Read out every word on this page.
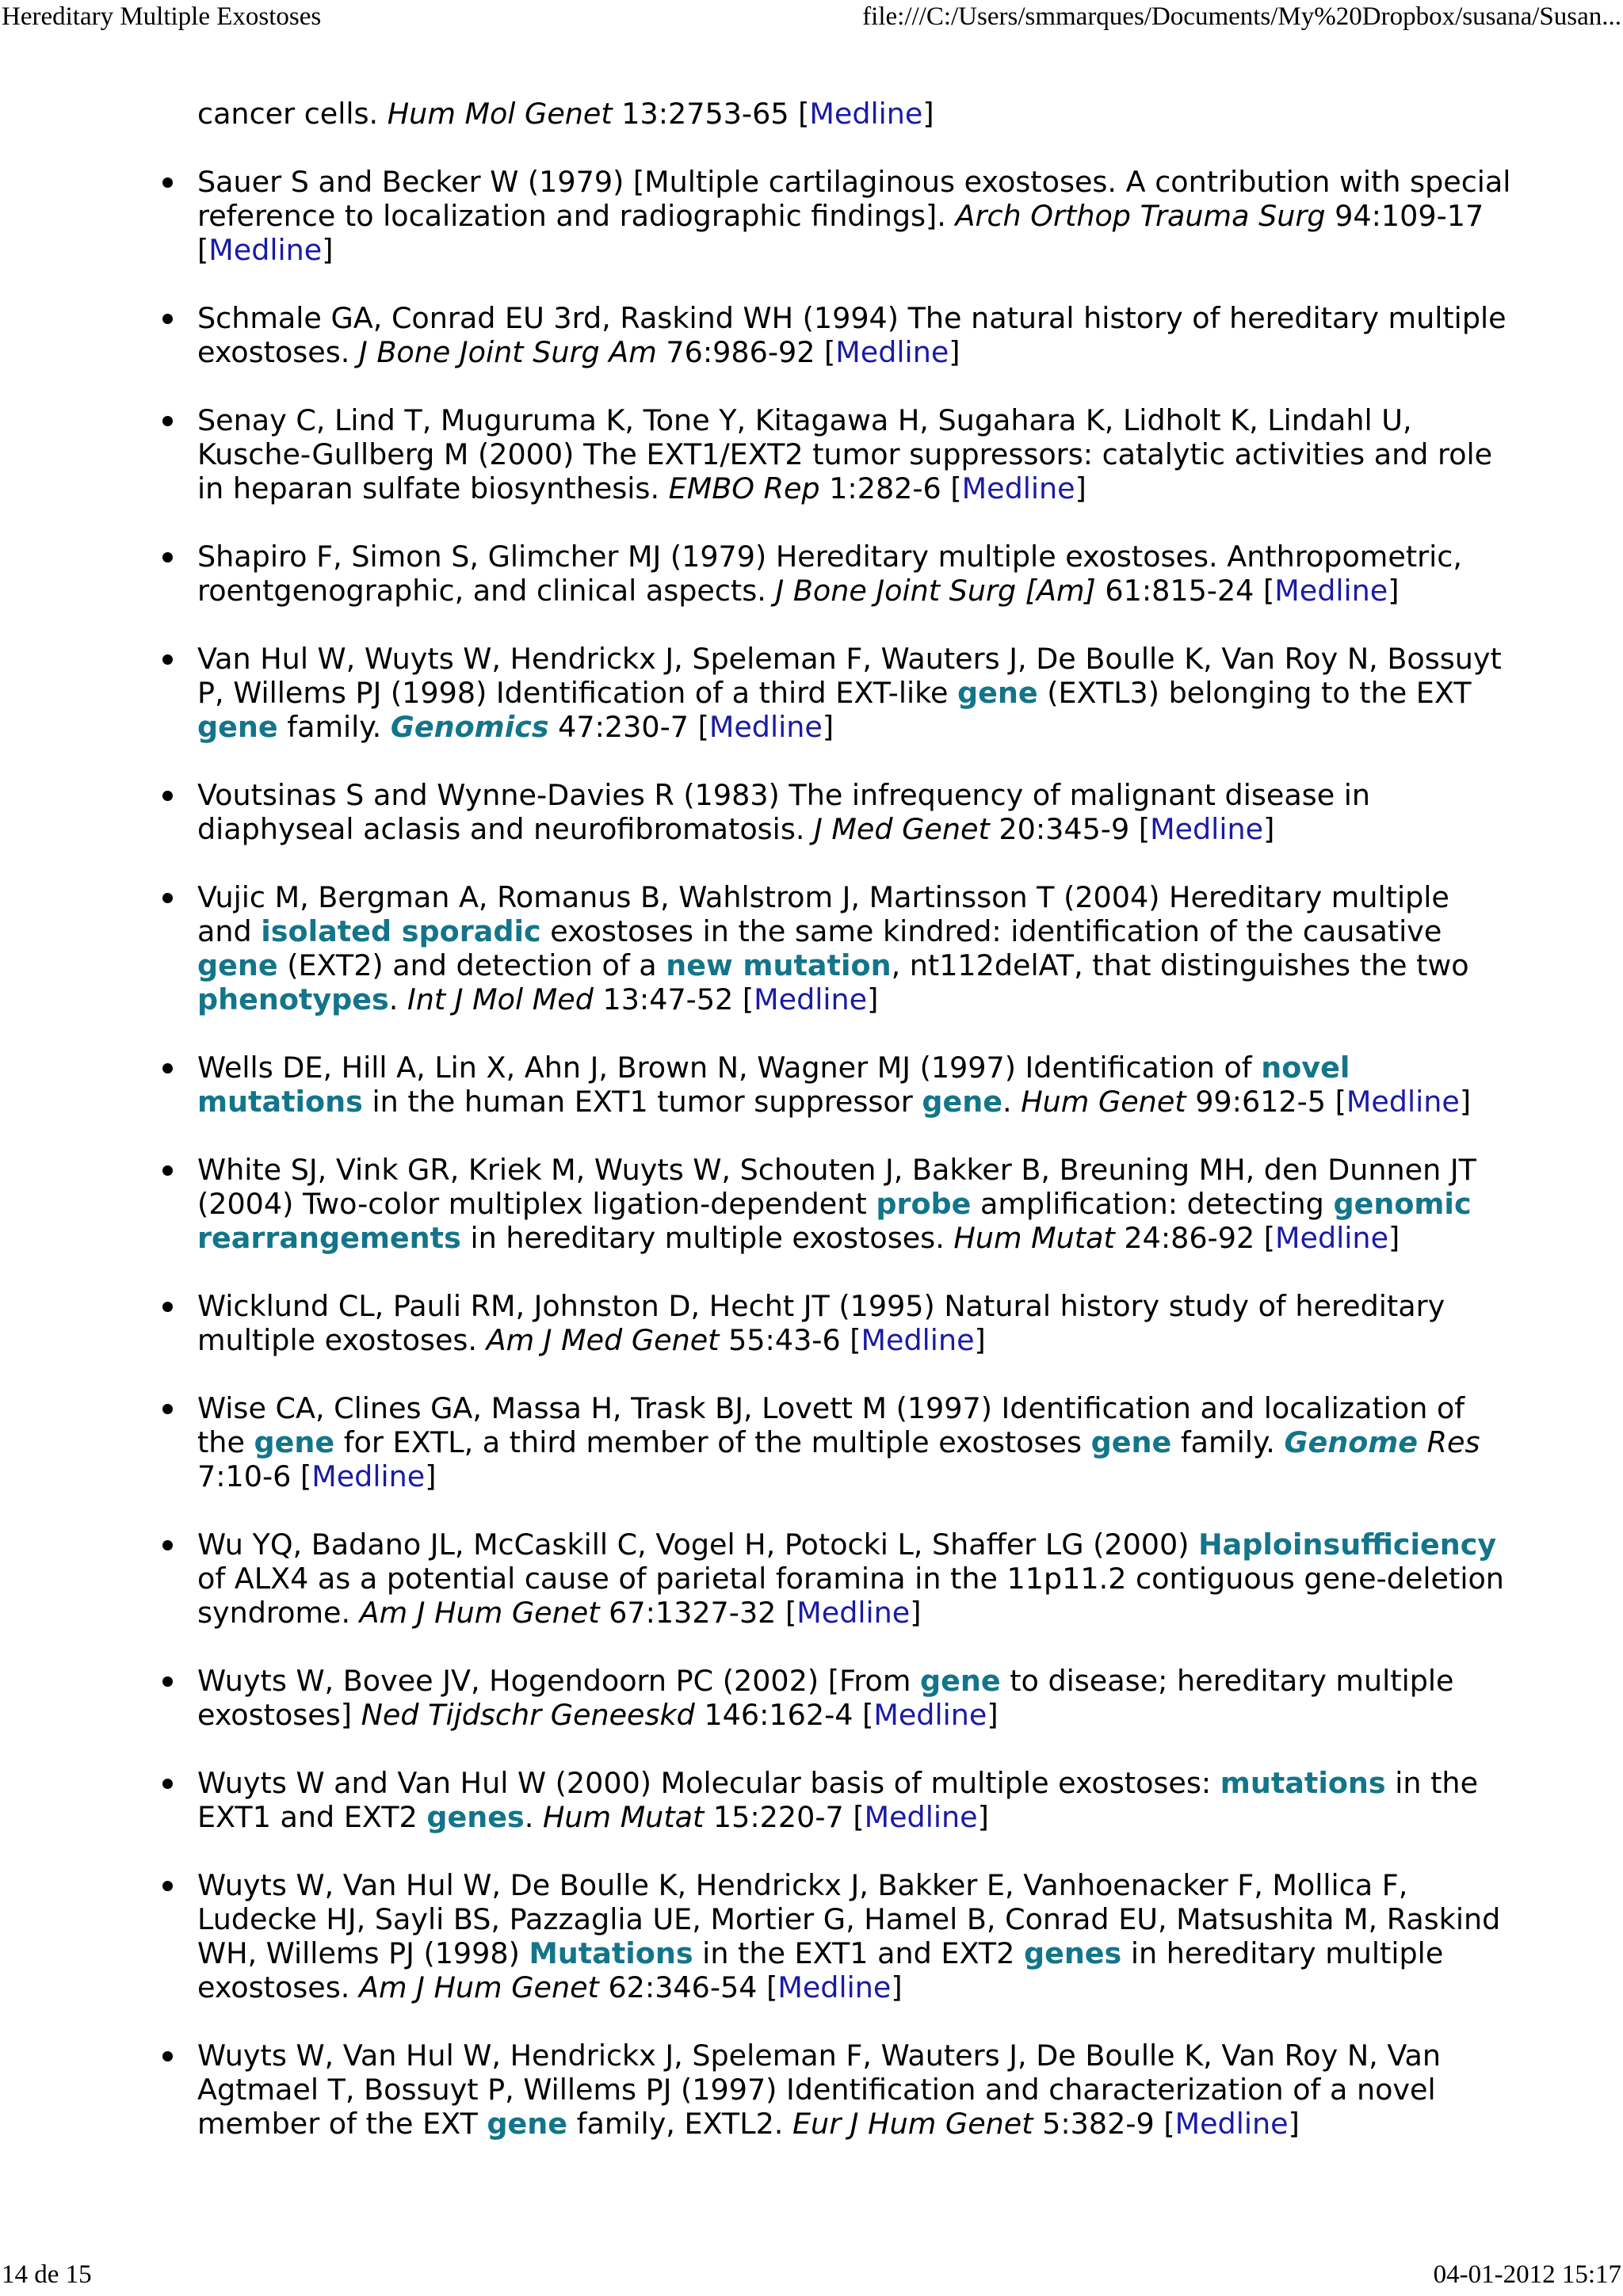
Hereditary Multiple Exostoses	file:///C:/Users/smmarques/Documents/My%20Dropbox/susana/Susan...

cancer cells. Hum Mol Genet 13:2753-65 [Medline]

Sauer S and Becker W (1979) [Multiple cartilaginous exostoses. A contribution with special reference to localization and radiographic findings]. Arch Orthop Trauma Surg 94:109-17 [Medline]
Schmale GA, Conrad EU 3rd, Raskind WH (1994) The natural history of hereditary multiple exostoses. J Bone Joint Surg Am 76:986-92 [Medline]
Senay C, Lind T, Muguruma K, Tone Y, Kitagawa H, Sugahara K, Lidholt K, Lindahl U, Kusche-Gullberg M (2000) The EXT1/EXT2 tumor suppressors: catalytic activities and role in heparan sulfate biosynthesis. EMBO Rep 1:282-6 [Medline]
Shapiro F, Simon S, Glimcher MJ (1979) Hereditary multiple exostoses. Anthropometric, roentgenographic, and clinical aspects. J Bone Joint Surg [Am] 61:815-24 [Medline]
Van Hul W, Wuyts W, Hendrickx J, Speleman F, Wauters J, De Boulle K, Van Roy N, Bossuyt P, Willems PJ (1998) Identification of a third EXT-like gene (EXTL3) belonging to the EXT gene family. Genomics 47:230-7 [Medline]
Voutsinas S and Wynne-Davies R (1983) The infrequency of malignant disease in diaphyseal aclasis and neurofibromatosis. J Med Genet 20:345-9 [Medline]
Vujic M, Bergman A, Romanus B, Wahlstrom J, Martinsson T (2004) Hereditary multiple and isolated sporadic exostoses in the same kindred: identification of the causative gene (EXT2) and detection of a new mutation, nt112delAT, that distinguishes the two phenotypes. Int J Mol Med 13:47-52 [Medline]
Wells DE, Hill A, Lin X, Ahn J, Brown N, Wagner MJ (1997) Identification of novel mutations in the human EXT1 tumor suppressor gene. Hum Genet 99:612-5 [Medline]
White SJ, Vink GR, Kriek M, Wuyts W, Schouten J, Bakker B, Breuning MH, den Dunnen JT (2004) Two-color multiplex ligation-dependent probe amplification: detecting genomic rearrangements in hereditary multiple exostoses. Hum Mutat 24:86-92 [Medline]
Wicklund CL, Pauli RM, Johnston D, Hecht JT (1995) Natural history study of hereditary multiple exostoses. Am J Med Genet 55:43-6 [Medline]
Wise CA, Clines GA, Massa H, Trask BJ, Lovett M (1997) Identification and localization of the gene for EXTL, a third member of the multiple exostoses gene family. Genome Res 7:10-6 [Medline]
Wu YQ, Badano JL, McCaskill C, Vogel H, Potocki L, Shaffer LG (2000) Haploinsufficiency of ALX4 as a potential cause of parietal foramina in the 11p11.2 contiguous gene-deletion syndrome. Am J Hum Genet 67:1327-32 [Medline]
Wuyts W, Bovee JV, Hogendoorn PC (2002) [From gene to disease; hereditary multiple exostoses] Ned Tijdschr Geneeskd 146:162-4 [Medline]
Wuyts W and Van Hul W (2000) Molecular basis of multiple exostoses: mutations in the EXT1 and EXT2 genes. Hum Mutat 15:220-7 [Medline]
Wuyts W, Van Hul W, De Boulle K, Hendrickx J, Bakker E, Vanhoenacker F, Mollica F, Ludecke HJ, Sayli BS, Pazzaglia UE, Mortier G, Hamel B, Conrad EU, Matsushita M, Raskind WH, Willems PJ (1998) Mutations in the EXT1 and EXT2 genes in hereditary multiple exostoses. Am J Hum Genet 62:346-54 [Medline]
Wuyts W, Van Hul W, Hendrickx J, Speleman F, Wauters J, De Boulle K, Van Roy N, Van Agtmael T, Bossuyt P, Willems PJ (1997) Identification and characterization of a novel member of the EXT gene family, EXTL2. Eur J Hum Genet 5:382-9 [Medline]
14 de 15	04-01-2012 15:17
